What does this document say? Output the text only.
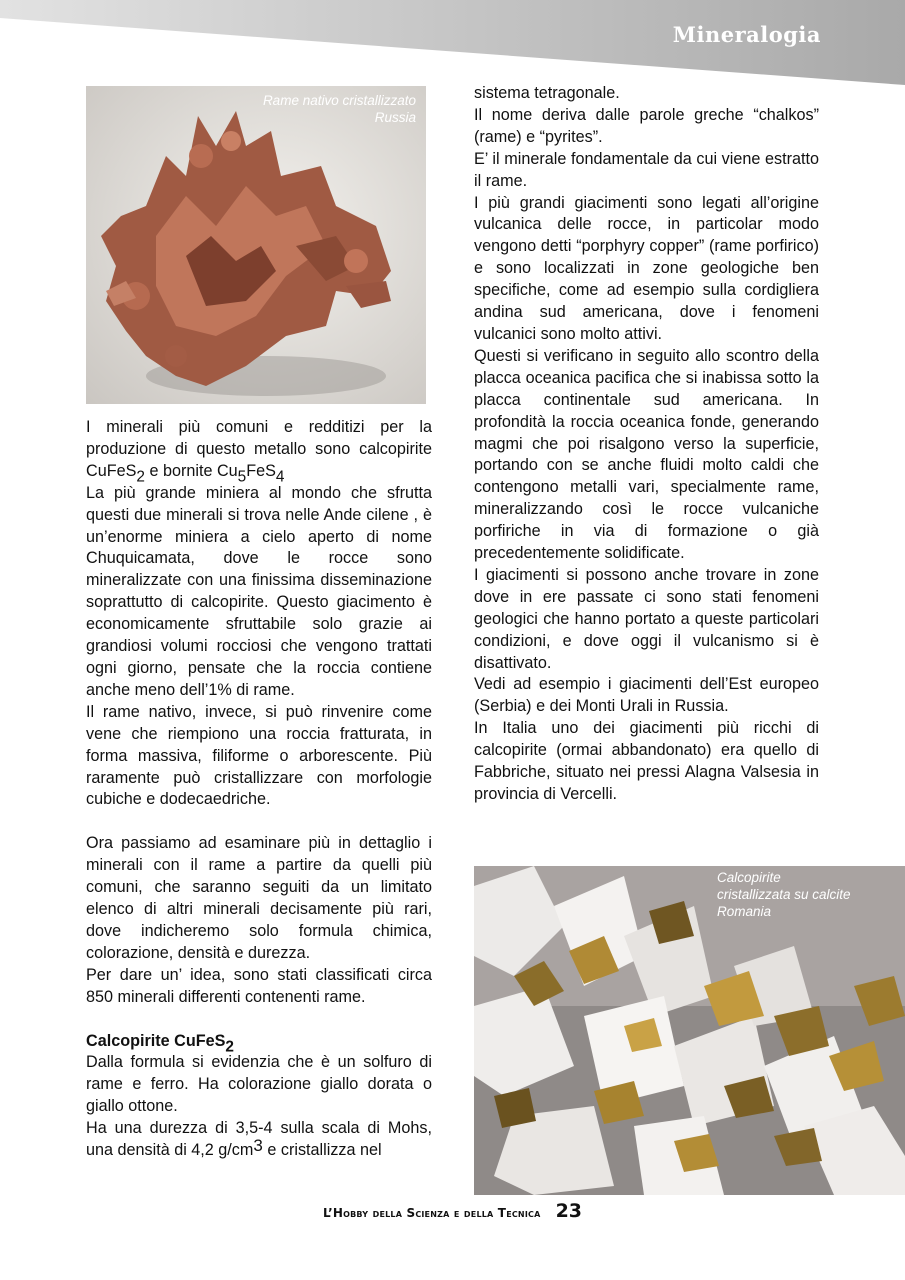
Mineralogia

Rame nativo cristallizzato
Russia

I minerali più comuni e redditizi per la produzione di questo metallo sono calcopirite CuFeS$_2$ e bornite $Cu_5FeS_4$

La più grande miniera al mondo che sfrutta questi due minerali si trova nelle Ande cilene , è un’enorme miniera a cielo aperto di nome Chuquicamata, dove le rocce sono mineralizzate con una finissima disseminazione soprattutto di calcopirite. Questo giacimento è economicamente sfruttabile solo grazie ai grandiosi volumi rocciosi che vengono trattati ogni giorno, pensate che la roccia contiene anche meno dell’1% di rame.

Il rame nativo, invece, si può rinvenire come vene che riempiono una roccia fratturata, in forma massiva, filiforme o arborescente. Più raramente può cristallizzare con morfologie cubiche e dodecaedriche.

Ora passiamo ad esaminare più in dettaglio i minerali con il rame a partire da quelli più comuni, che saranno seguiti da un limitato elenco di altri minerali decisamente più rari, dove indicheremo solo formula chimica, colorazione, densità e durezza.

Per dare un’ idea, sono stati classificati circa 850 minerali differenti contenenti rame.

Calcopirite CuFeS$_2$

Dalla formula si evidenzia che è un solfuro di rame e ferro. Ha colorazione giallo dorata o giallo ottone.

Ha una durezza di 3,5-4 sulla scala di Mohs, una densità di 4,2 $g/cm^3$ e cristallizza nel

sistema tetragonale.

Il nome deriva dalle parole greche “chalkos” (rame) e “pyrites”.

E’ il minerale fondamentale da cui viene estratto il rame.

I più grandi giacimenti sono legati all’origine vulcanica delle rocce, in particolar modo vengono detti “porphyry copper” (rame porfirico) e sono localizzati in zone geologiche ben specifiche, come ad esempio sulla cordigliera andina sud americana, dove i fenomeni vulcanici sono molto attivi.

Questi si verificano in seguito allo scontro della placca oceanica pacifica che si inabissa sotto la placca continentale sud americana. In profondità la roccia oceanica fonde, generando magmi che poi risalgono verso la superficie, portando con se anche fluidi molto caldi che contengono metalli vari, specialmente rame, mineralizzando così le rocce vulcaniche porfiriche in via di formazione o già precedentemente solidificate.

I giacimenti si possono anche trovare in zone dove in ere passate ci sono stati fenomeni geologici che hanno portato a queste particolari condizioni, e dove oggi il vulcanismo si è disattivato.

Vedi ad esempio i giacimenti dell’Est europeo (Serbia) e dei Monti Urali in Russia.

In Italia uno dei giacimenti più ricchi di calcopirite (ormai abbandonato) era quello di Fabbriche, situato nei pressi Alagna Valsesia in provincia di Vercelli.

Calcopirite
cristallizzata su calcite
Romania

L’Hobby della Scienza e della Tecnica 23
